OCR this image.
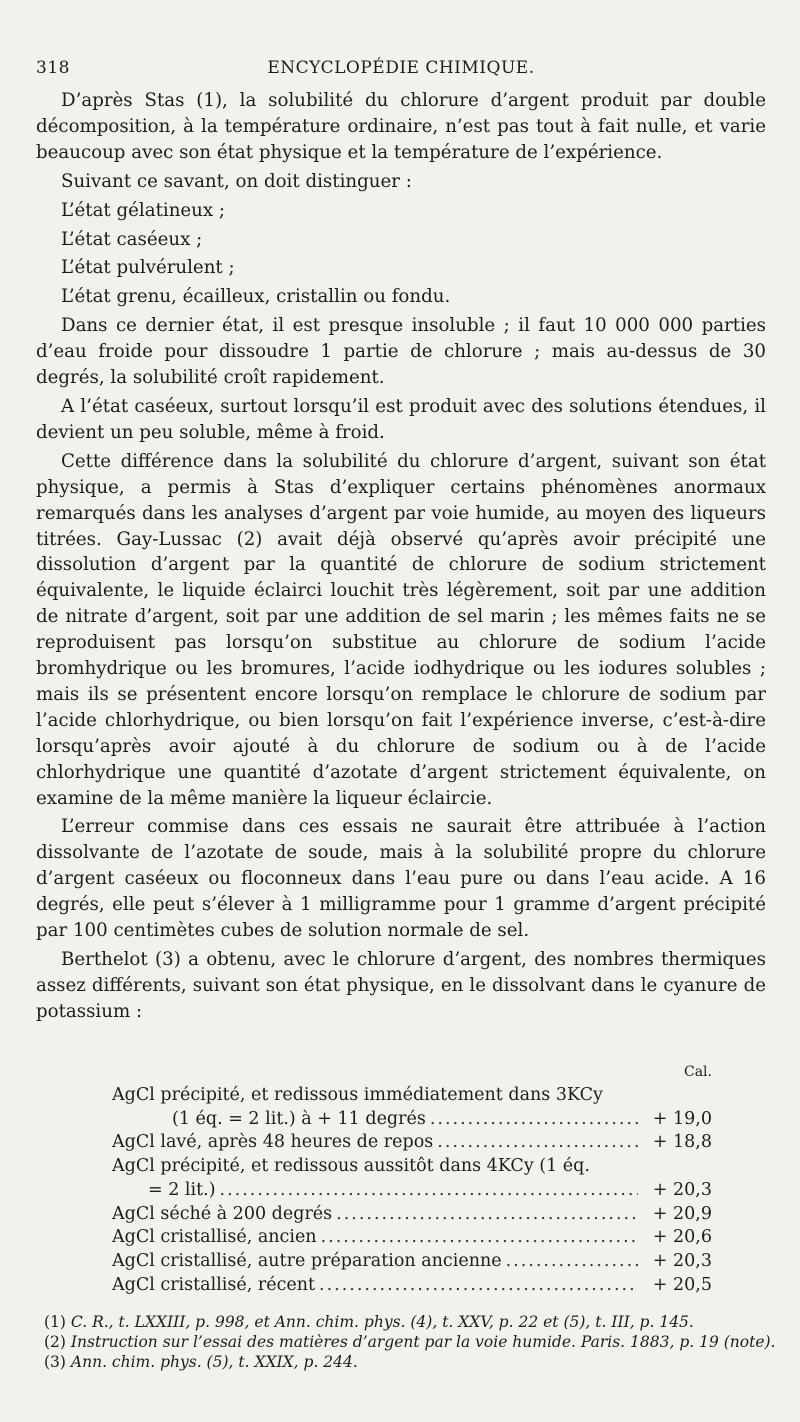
318	ENCYCLOPÉDIE CHIMIQUE.

D’après Stas (1), la solubilité du chlorure d’argent produit par double décomposition, à la température ordinaire, n’est pas tout à fait nulle, et varie beaucoup avec son état physique et la température de l’expérience.

Suivant ce savant, on doit distinguer :

L’état gélatineux ;

L’état caséeux ;

L’état pulvérulent ;

L’état grenu, écailleux, cristallin ou fondu.

Dans ce dernier état, il est presque insoluble ; il faut 10 000 000 parties d’eau froide pour dissoudre 1 partie de chlorure ; mais au-dessus de 30 degrés, la solubilité croît rapidement.

A l’état caséeux, surtout lorsqu’il est produit avec des solutions étendues, il devient un peu soluble, même à froid.

Cette différence dans la solubilité du chlorure d’argent, suivant son état physique, a permis à Stas d’expliquer certains phénomènes anormaux remarqués dans les analyses d’argent par voie humide, au moyen des liqueurs titrées. Gay-Lussac (2) avait déjà observé qu’après avoir précipité une dissolution d’argent par la quantité de chlorure de sodium strictement équivalente, le liquide éclairci louchit très légèrement, soit par une addition de nitrate d’argent, soit par une addition de sel marin ; les mêmes faits ne se reproduisent pas lorsqu’on substitue au chlorure de sodium l’acide bromhydrique ou les bromures, l’acide iodhydrique ou les iodures solubles ; mais ils se présentent encore lorsqu’on remplace le chlorure de sodium par l’acide chlorhydrique, ou bien lorsqu’on fait l’expérience inverse, c’est-à-dire lorsqu’après avoir ajouté à du chlorure de sodium ou à de l’acide chlorhydrique une quantité d’azotate d’argent strictement équivalente, on examine de la même manière la liqueur éclaircie.

L’erreur commise dans ces essais ne saurait être attribuée à l’action dissolvante de l’azotate de soude, mais à la solubilité propre du chlorure d’argent caséeux ou floconneux dans l’eau pure ou dans l’eau acide. A 16 degrés, elle peut s’élever à 1 milligramme pour 1 gramme d’argent précipité par 100 centimètes cubes de solution normale de sel.

Berthelot (3) a obtenu, avec le chlorure d’argent, des nombres thermiques assez différents, suivant son état physique, en le dissolvant dans le cyanure de potassium :

Cal.
AgCl précipité, et redissous immédiatement dans 3KCy
(1 éq. = 2 lit.) à + 11 degrés .....	+ 19,0
AgCl lavé, après 48 heures de repos .....	+ 18,8
AgCl précipité, et redissous aussitôt dans 4KCy (1 éq.
= 2 lit.) .....	+ 20,3
AgCl séché à 200 degrés .....	+ 20,9
AgCl cristallisé, ancien .....	+ 20,6
AgCl cristallisé, autre préparation ancienne .....	+ 20,3
AgCl cristallisé, récent .....	+ 20,5
(1) C. R., t. LXXIII, p. 998, et Ann. chim. phys. (4), t. XXV, p. 22 et (5), t. III, p. 145.
(2) Instruction sur l’essai des matières d’argent par la voie humide. Paris. 1883, p. 19 (note).
(3) Ann. chim. phys. (5), t. XXIX, p. 244.
